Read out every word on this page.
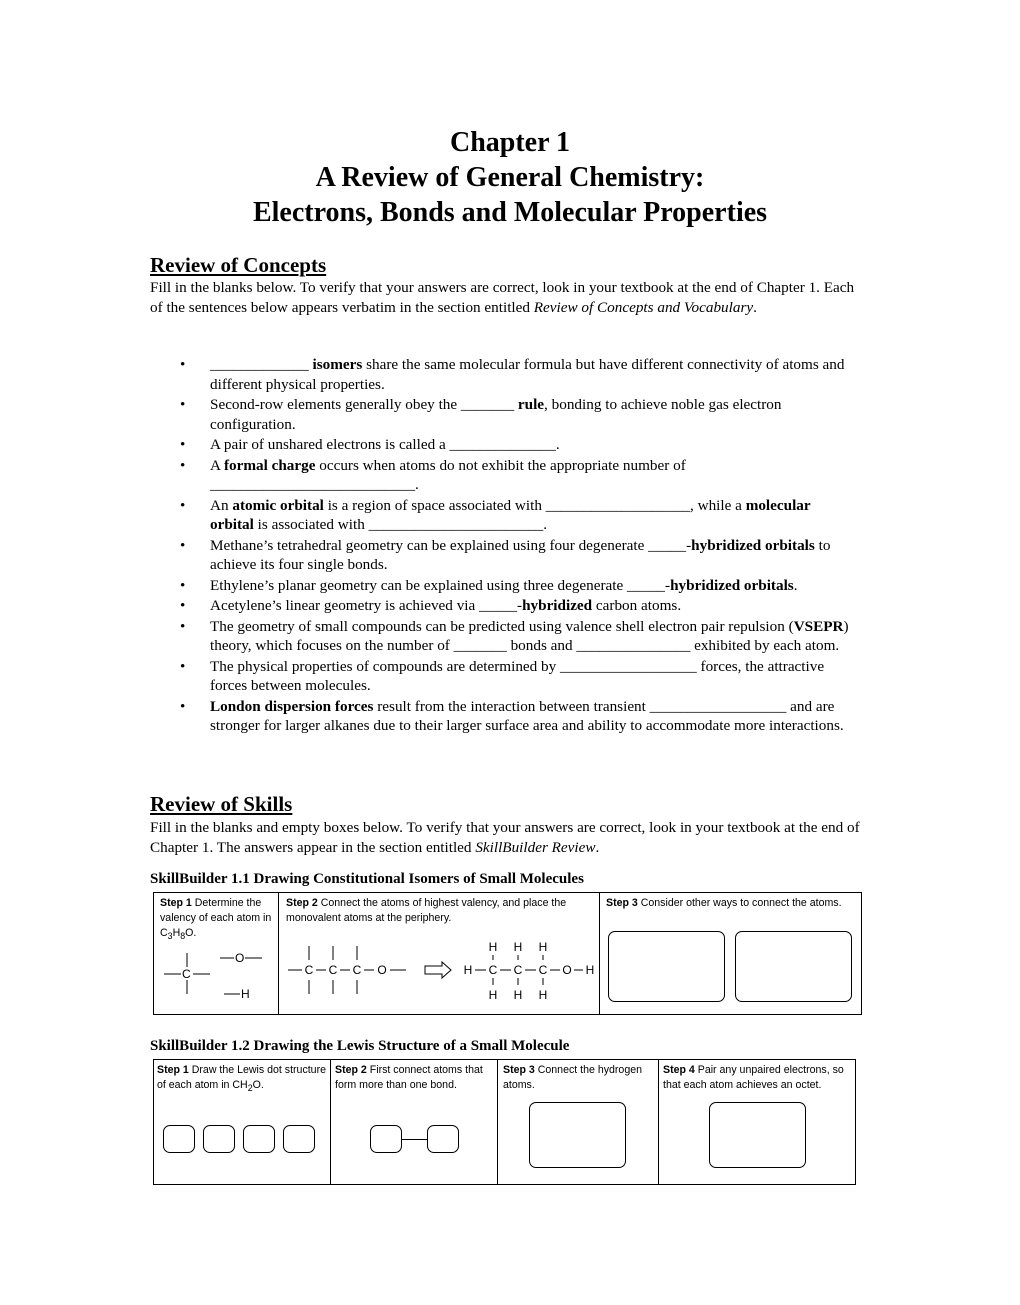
Chapter 1
A Review of General Chemistry:
Electrons, Bonds and Molecular Properties
Review of Concepts
Fill in the blanks below. To verify that your answers are correct, look in your textbook at the end of Chapter 1. Each of the sentences below appears verbatim in the section entitled Review of Concepts and Vocabulary.
• _____________ isomers share the same molecular formula but have different connectivity of atoms and different physical properties.
• Second-row elements generally obey the _______ rule, bonding to achieve noble gas electron configuration.
• A pair of unshared electrons is called a ______________.
• A formal charge occurs when atoms do not exhibit the appropriate number of ___________________________.
• An atomic orbital is a region of space associated with ___________________, while a molecular orbital is associated with _______________________.
• Methane’s tetrahedral geometry can be explained using four degenerate _____-hybridized orbitals to achieve its four single bonds.
• Ethylene’s planar geometry can be explained using three degenerate _____-hybridized orbitals.
• Acetylene’s linear geometry is achieved via _____-hybridized carbon atoms.
• The geometry of small compounds can be predicted using valence shell electron pair repulsion (VSEPR) theory, which focuses on the number of _______ bonds and _______________ exhibited by each atom.
• The physical properties of compounds are determined by __________________ forces, the attractive forces between molecules.
• London dispersion forces result from the interaction between transient __________________ and are stronger for larger alkanes due to their larger surface area and ability to accommodate more interactions.
Review of Skills
Fill in the blanks and empty boxes below. To verify that your answers are correct, look in your textbook at the end of Chapter 1. The answers appear in the section entitled SkillBuilder Review.
SkillBuilder 1.1 Drawing Constitutional Isomers of Small Molecules
Step 1 Determine the valency of each atom in $C_3H_8O$.
Step 2 Connect the atoms of highest valency, and place the monovalent atoms at the periphery.
Step 3 Consider other ways to connect the atoms.
C
O
H
C C C O	H C
H
H
C
H
H
C
H
H
O H
SkillBuilder 1.2 Drawing the Lewis Structure of a Small Molecule
Step 1 Draw the Lewis dot structure of each atom in $CH_2O$.
Step 2 First connect atoms that form more than one bond.
Step 3 Connect the hydrogen atoms.
Step 4 Pair any unpaired electrons, so that each atom achieves an octet.
